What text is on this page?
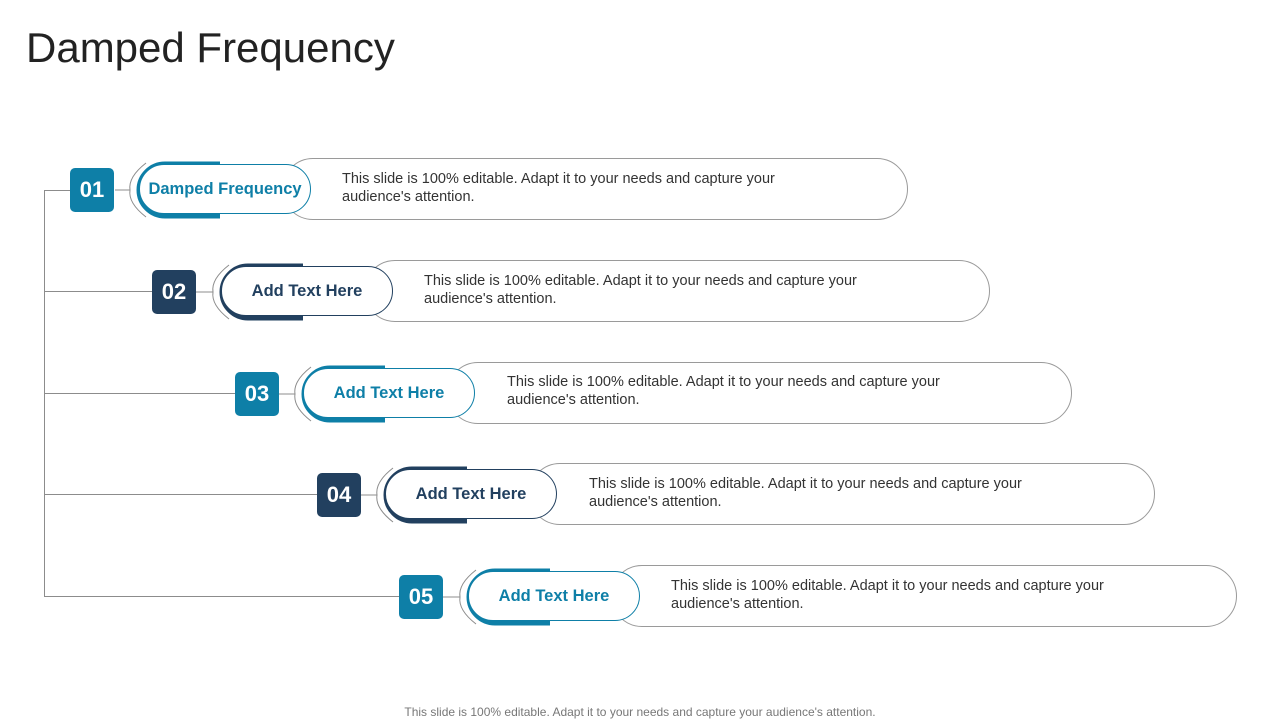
Damped Frequency
This slide is 100% editable. Adapt it to your needs and capture your audience's attention.
Damped Frequency
01
This slide is 100% editable. Adapt it to your needs and capture your audience's attention.
Add Text Here
02
This slide is 100% editable. Adapt it to your needs and capture your audience's attention.
Add Text Here
03
This slide is 100% editable. Adapt it to your needs and capture your audience's attention.
Add Text Here
04
This slide is 100% editable. Adapt it to your needs and capture your audience's attention.
Add Text Here
05
This slide is 100% editable. Adapt it to your needs and capture your audience's attention.
